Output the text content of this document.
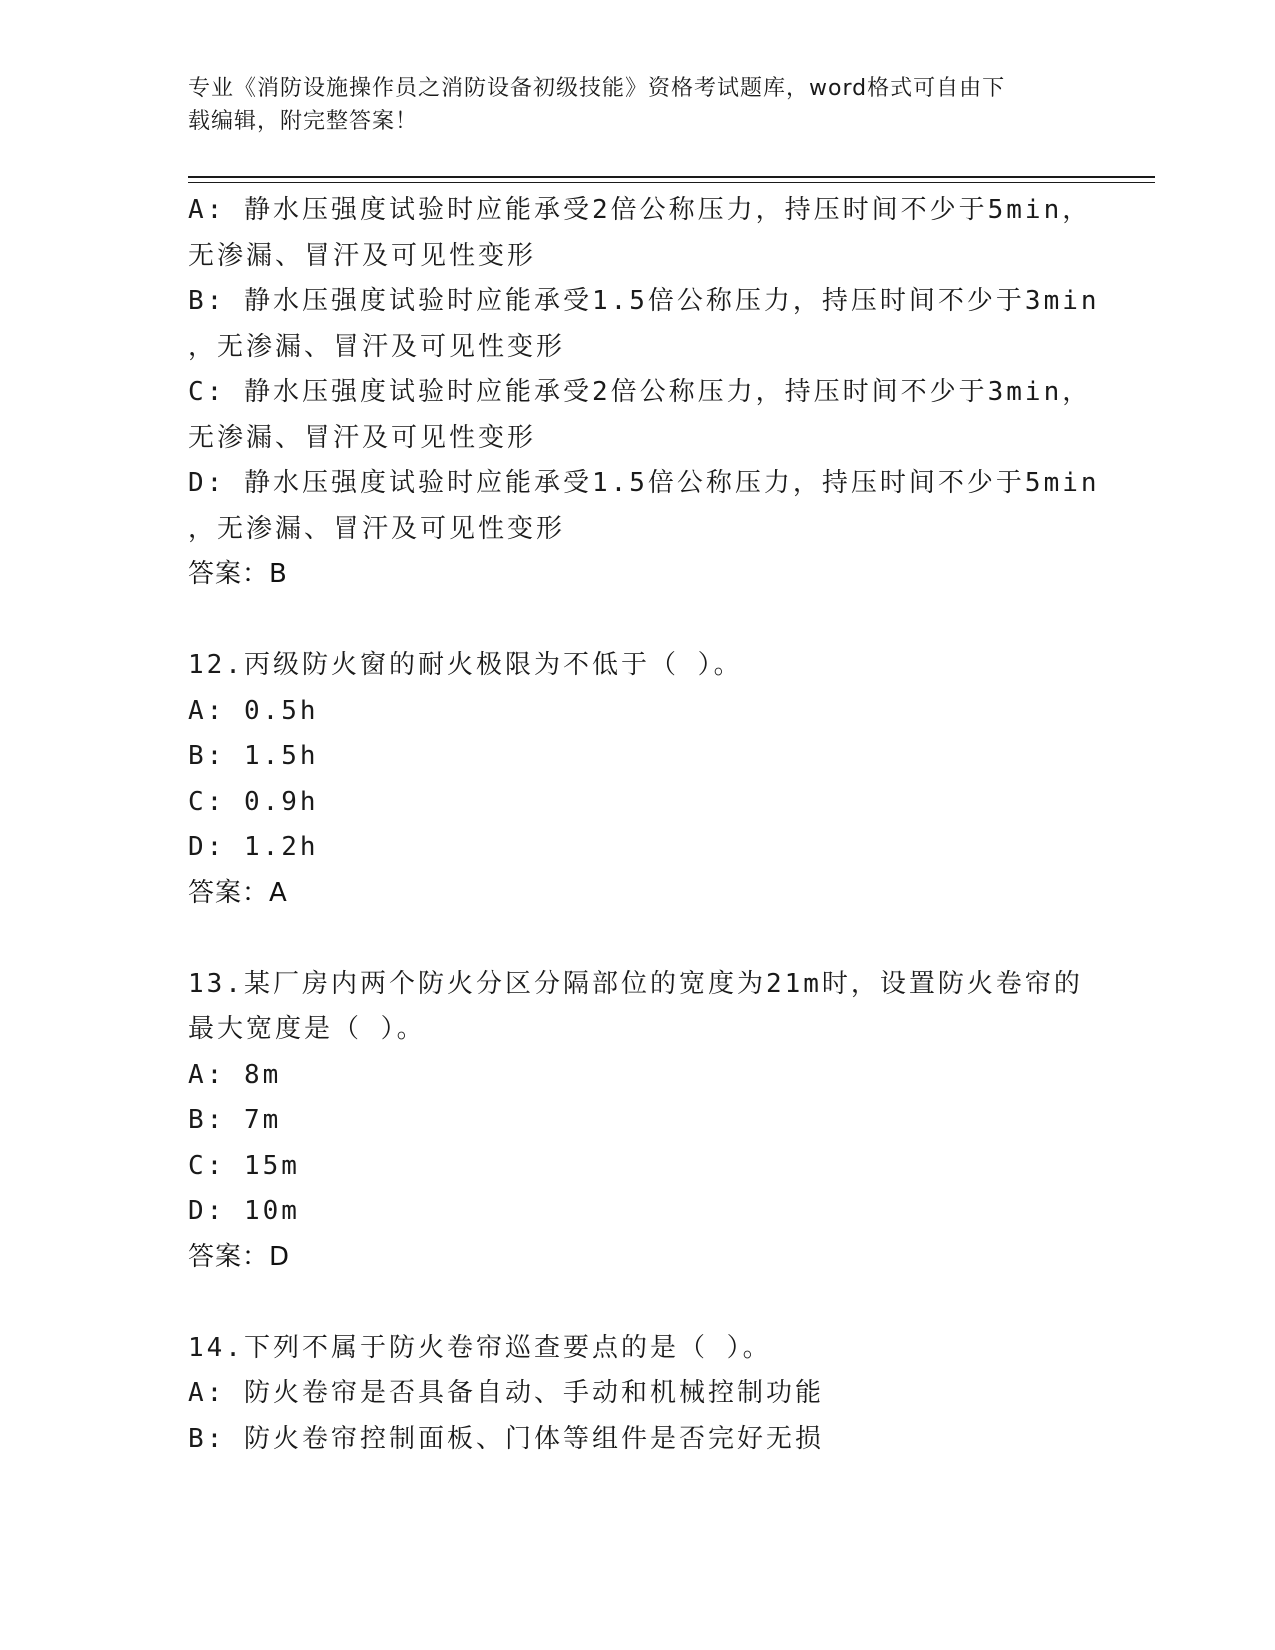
专业《消防设施操作员之消防设备初级技能》资格考试题库，word格式可自由下
载编辑，附完整答案！
A: 静水压强度试验时应能承受2倍公称压力，持压时间不少于5min，
无渗漏、冒汗及可见性变形
B: 静水压强度试验时应能承受1.5倍公称压力，持压时间不少于3min
，无渗漏、冒汗及可见性变形
C: 静水压强度试验时应能承受2倍公称压力，持压时间不少于3min，
无渗漏、冒汗及可见性变形
D: 静水压强度试验时应能承受1.5倍公称压力，持压时间不少于5min
，无渗漏、冒汗及可见性变形
答案：B
12.丙级防火窗的耐火极限为不低于（ ）。
A: 0.5h
B: 1.5h
C: 0.9h
D: 1.2h
答案：A
13.某厂房内两个防火分区分隔部位的宽度为21m时，设置防火卷帘的
最大宽度是（ ）。
A: 8m
B: 7m
C: 15m
D: 10m
答案：D
14.下列不属于防火卷帘巡查要点的是（ ）。
A: 防火卷帘是否具备自动、手动和机械控制功能
B: 防火卷帘控制面板、门体等组件是否完好无损
